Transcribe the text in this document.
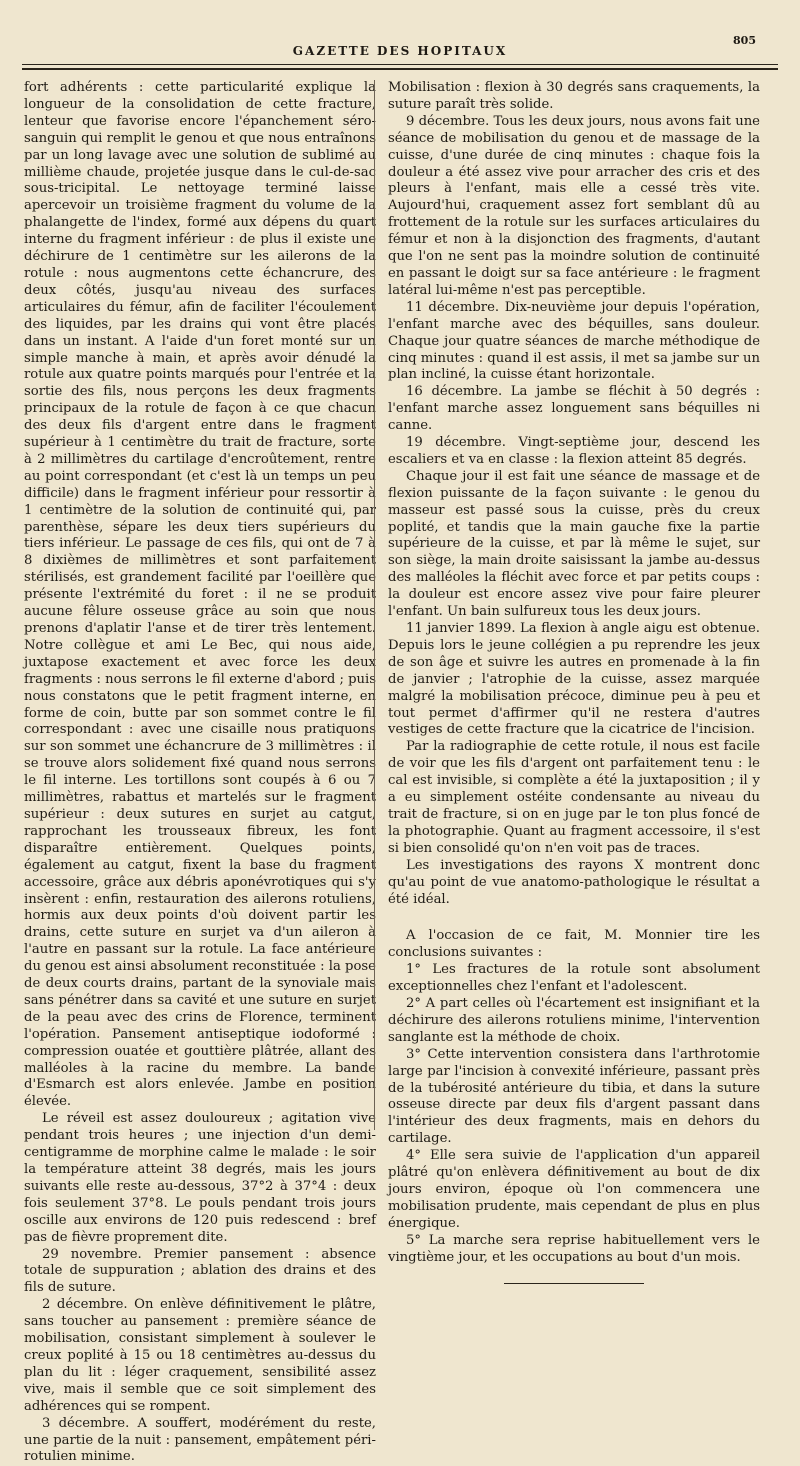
GAZETTE DES HOPITAUX
805

fort adhérents : cette particularité explique la longueur de la consolidation de cette fracture, lenteur que favorise encore l'épanchement séro-sanguin qui remplit le genou et que nous entraînons par un long lavage avec une solution de sublimé au millième chaude, projetée jusque dans le cul-de-sac sous-tricipital. Le nettoyage terminé laisse apercevoir un troisième fragment du volume de la phalangette de l'index, formé aux dépens du quart interne du fragment inférieur : de plus il existe une déchirure de 1 centimètre sur les ailerons de la rotule : nous augmentons cette échancrure, des deux côtés, jusqu'au niveau des surfaces articulaires du fémur, afin de faciliter l'écoulement des liquides, par les drains qui vont être placés dans un instant. A l'aide d'un foret monté sur un simple manche à main, et après avoir dénudé la rotule aux quatre points marqués pour l'entrée et la sortie des fils, nous perçons les deux fragments principaux de la rotule de façon à ce que chacun des deux fils d'argent entre dans le fragment supérieur à 1 centimètre du trait de fracture, sorte à 2 millimètres du cartilage d'encroûtement, rentre au point correspondant (et c'est là un temps un peu difficile) dans le fragment inférieur pour ressortir à 1 centimètre de la solution de continuité qui, par parenthèse, sépare les deux tiers supérieurs du tiers inférieur. Le passage de ces fils, qui ont de 7 à 8 dixièmes de millimètres et sont parfaitement stérilisés, est grandement facilité par l'oeillère que présente l'extrémité du foret : il ne se produit aucune fêlure osseuse grâce au soin que nous prenons d'aplatir l'anse et de tirer très lentement. Notre collègue et ami Le Bec, qui nous aide, juxtapose exactement et avec force les deux fragments : nous serrons le fil externe d'abord ; puis nous constatons que le petit fragment interne, en forme de coin, butte par son sommet contre le fil correspondant : avec une cisaille nous pratiquons sur son sommet une échancrure de 3 millimètres : il se trouve alors solidement fixé quand nous serrons le fil interne. Les tortillons sont coupés à 6 ou 7 millimètres, rabattus et martelés sur le fragment supérieur : deux sutures en surjet au catgut, rapprochant les trousseaux fibreux, les font disparaître entièrement. Quelques points, également au catgut, fixent la base du fragment accessoire, grâce aux débris aponévrotiques qui s'y insèrent : enfin, restauration des ailerons rotuliens, hormis aux deux points d'où doivent partir les drains, cette suture en surjet va d'un aileron à l'autre en passant sur la rotule. La face antérieure du genou est ainsi absolument reconstituée : la pose de deux courts drains, partant de la synoviale mais sans pénétrer dans sa cavité et une suture en surjet de la peau avec des crins de Florence, terminent l'opération. Pansement antiseptique iodoformé : compression ouatée et gouttière plâtrée, allant des malléoles à la racine du membre. La bande d'Esmarch est alors enlevée. Jambe en position élevée.

Le réveil est assez douloureux ; agitation vive pendant trois heures ; une injection d'un demi-centigramme de morphine calme le malade : le soir la température atteint 38 degrés, mais les jours suivants elle reste au-dessous, 37°2 à 37°4 : deux fois seulement 37°8. Le pouls pendant trois jours oscille aux environs de 120 puis redescend : bref pas de fièvre proprement dite.

29 novembre. Premier pansement : absence totale de suppuration ; ablation des drains et des fils de suture.

2 décembre. On enlève définitivement le plâtre, sans toucher au pansement : première séance de mobilisation, consistant simplement à soulever le creux poplité à 15 ou 18 centimètres au-dessus du plan du lit : léger craquement, sensibilité assez vive, mais il semble que ce soit simplement des adhérences qui se rompent.

3 décembre. A souffert, modérément du reste, une partie de la nuit : pansement, empâtement péri-rotulien minime.

Mobilisation : flexion à 30 degrés sans craquements, la suture paraît très solide.

9 décembre. Tous les deux jours, nous avons fait une séance de mobilisation du genou et de massage de la cuisse, d'une durée de cinq minutes : chaque fois la douleur a été assez vive pour arracher des cris et des pleurs à l'enfant, mais elle a cessé très vite. Aujourd'hui, craquement assez fort semblant dû au frottement de la rotule sur les surfaces articulaires du fémur et non à la disjonction des fragments, d'autant que l'on ne sent pas la moindre solution de continuité en passant le doigt sur sa face antérieure : le fragment latéral lui-même n'est pas perceptible.

11 décembre. Dix-neuvième jour depuis l'opération, l'enfant marche avec des béquilles, sans douleur. Chaque jour quatre séances de marche méthodique de cinq minutes : quand il est assis, il met sa jambe sur un plan incliné, la cuisse étant horizontale.

16 décembre. La jambe se fléchit à 50 degrés : l'enfant marche assez longuement sans béquilles ni canne.

19 décembre. Vingt-septième jour, descend les escaliers et va en classe : la flexion atteint 85 degrés.

Chaque jour il est fait une séance de massage et de flexion puissante de la façon suivante : le genou du masseur est passé sous la cuisse, près du creux poplité, et tandis que la main gauche fixe la partie supérieure de la cuisse, et par là même le sujet, sur son siège, la main droite saisissant la jambe au-dessus des malléoles la fléchit avec force et par petits coups : la douleur est encore assez vive pour faire pleurer l'enfant. Un bain sulfureux tous les deux jours.

11 janvier 1899. La flexion à angle aigu est obtenue. Depuis lors le jeune collégien a pu reprendre les jeux de son âge et suivre les autres en promenade à la fin de janvier ; l'atrophie de la cuisse, assez marquée malgré la mobilisation précoce, diminue peu à peu et tout permet d'affirmer qu'il ne restera d'autres vestiges de cette fracture que la cicatrice de l'incision.

Par la radiographie de cette rotule, il nous est facile de voir que les fils d'argent ont parfaitement tenu : le cal est invisible, si complète a été la juxtaposition ; il y a eu simplement ostéite condensante au niveau du trait de fracture, si on en juge par le ton plus foncé de la photographie. Quant au fragment accessoire, il s'est si bien consolidé qu'on n'en voit pas de traces.

Les investigations des rayons X montrent donc qu'au point de vue anatomo-pathologique le résultat a été idéal.

A l'occasion de ce fait, M. Monnier tire les conclusions suivantes :

1° Les fractures de la rotule sont absolument exceptionnelles chez l'enfant et l'adolescent.

2° A part celles où l'écartement est insignifiant et la déchirure des ailerons rotuliens minime, l'intervention sanglante est la méthode de choix.

3° Cette intervention consistera dans l'arthrotomie large par l'incision à convexité inférieure, passant près de la tubérosité antérieure du tibia, et dans la suture osseuse directe par deux fils d'argent passant dans l'intérieur des deux fragments, mais en dehors du cartilage.

4° Elle sera suivie de l'application d'un appareil plâtré qu'on enlèvera définitivement au bout de dix jours environ, époque où l'on commencera une mobilisation prudente, mais cependant de plus en plus énergique.

5° La marche sera reprise habituellement vers le vingtième jour, et les occupations au bout d'un mois.
